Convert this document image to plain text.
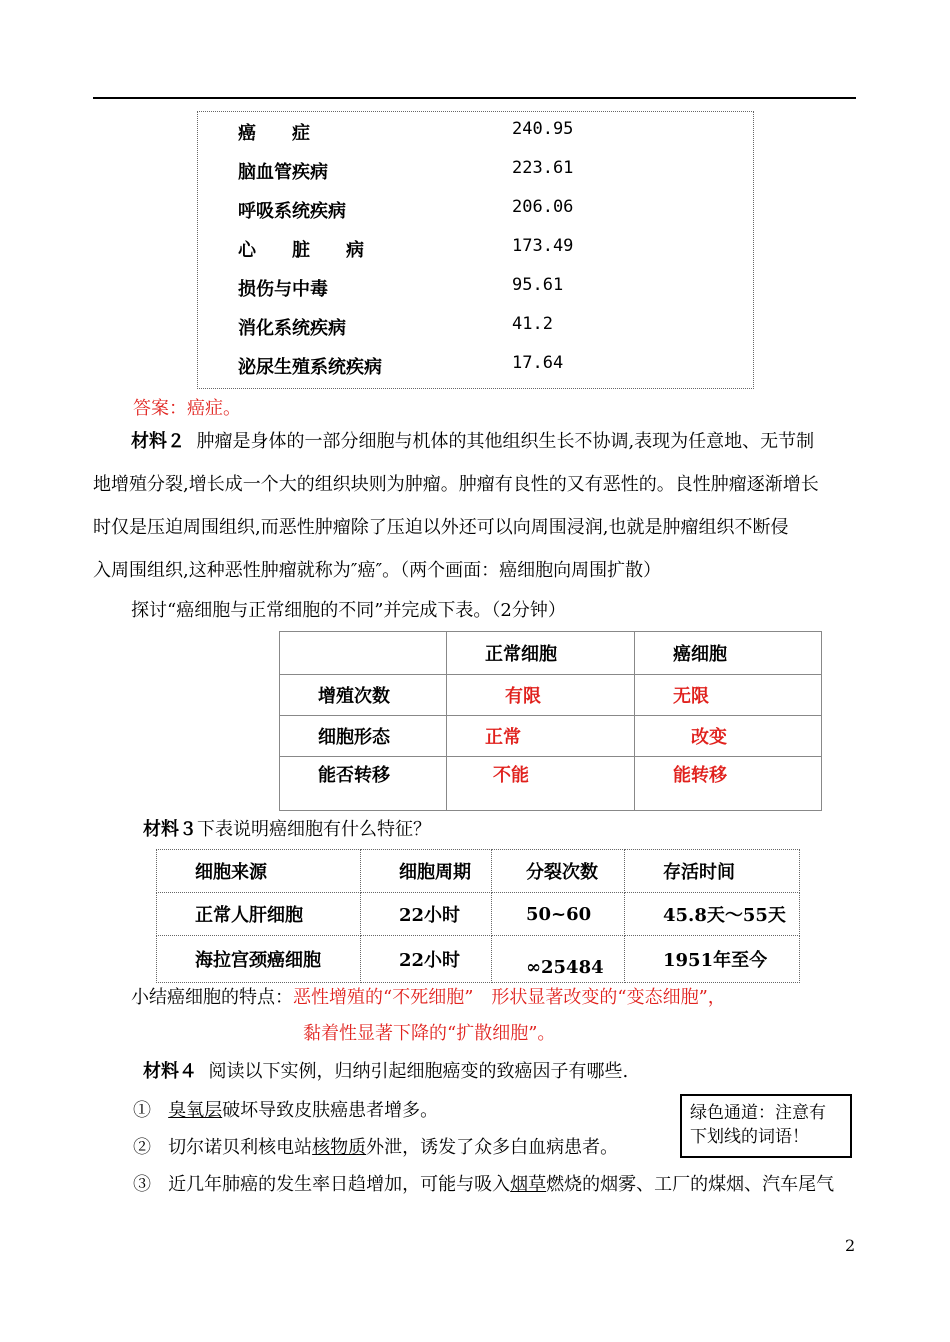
癌　　症	240.95
脑血管疾病	223.61
呼吸系统疾病	206.06
心　　脏　　病	173.49
损伤与中毒	95.61
消化系统疾病	41.2
泌尿生殖系统疾病	17.64
答案：癌症。
材料２ 肿瘤是身体的一部分细胞与机体的其他组织生长不协调,表现为任意地、无节制
地增殖分裂,增长成一个大的组织块则为肿瘤。肿瘤有良性的又有恶性的。良性肿瘤逐渐增长
时仅是压迫周围组织,而恶性肿瘤除了压迫以外还可以向周围浸润,也就是肿瘤组织不断侵
入周围组织,这种恶性肿瘤就称为″癌″。（两个画面：癌细胞向周围扩散）
探讨“癌细胞与正常细胞的不同”并完成下表。（2分钟）
	正常细胞	癌细胞
增殖次数	有限	无限
细胞形态	正常	改变
能否转移	不能	能转移
材料３下表说明癌细胞有什么特征？
细胞来源	细胞周期	分裂次数	存活时间
正常人肝细胞	22小时	50~60	45.8天～55天
海拉宫颈癌细胞	22小时	∞25484	1951年至今
小结癌细胞的特点：恶性增殖的“不死细胞”　形状显著改变的“变态细胞”，
黏着性显著下降的“扩散细胞”。
材料４ 阅读以下实例，归纳引起细胞癌变的致癌因子有哪些.
① 臭氧层破坏导致皮肤癌患者增多。
② 切尔诺贝利核电站核物质外泄，诱发了众多白血病患者。
③ 近几年肺癌的发生率日趋增加，可能与吸入烟草燃烧的烟雾、工厂的煤烟、汽车尾气
绿色通道：注意有下划线的词语！
2
